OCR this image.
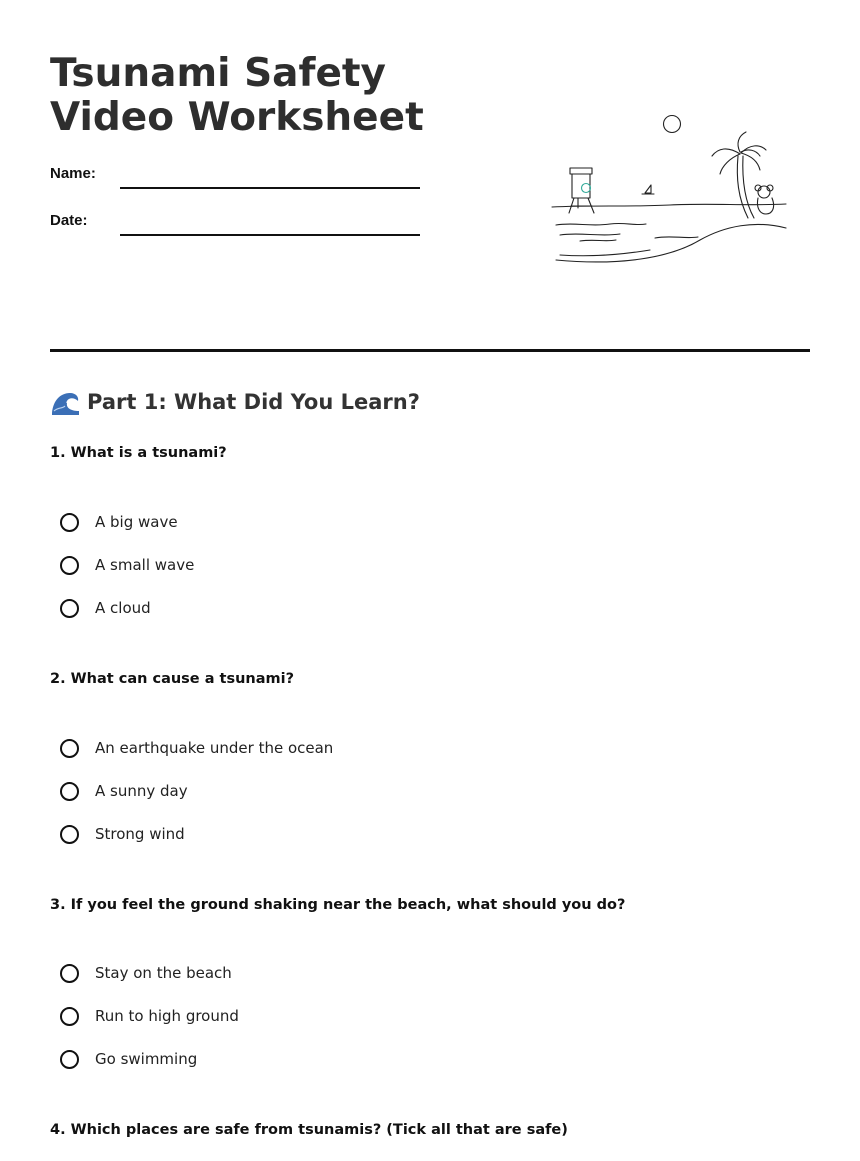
Tsunami Safety Video Worksheet
Name:
Date:
Part 1: What Did You Learn?

1. What is a tsunami?

A big wave
A small wave
A cloud

2. What can cause a tsunami?

An earthquake under the ocean
A sunny day
Strong wind

3. If you feel the ground shaking near the beach, what should you do?

Stay on the beach
Run to high ground
Go swimming

4. Which places are safe from tsunamis? (Tick all that are safe)
